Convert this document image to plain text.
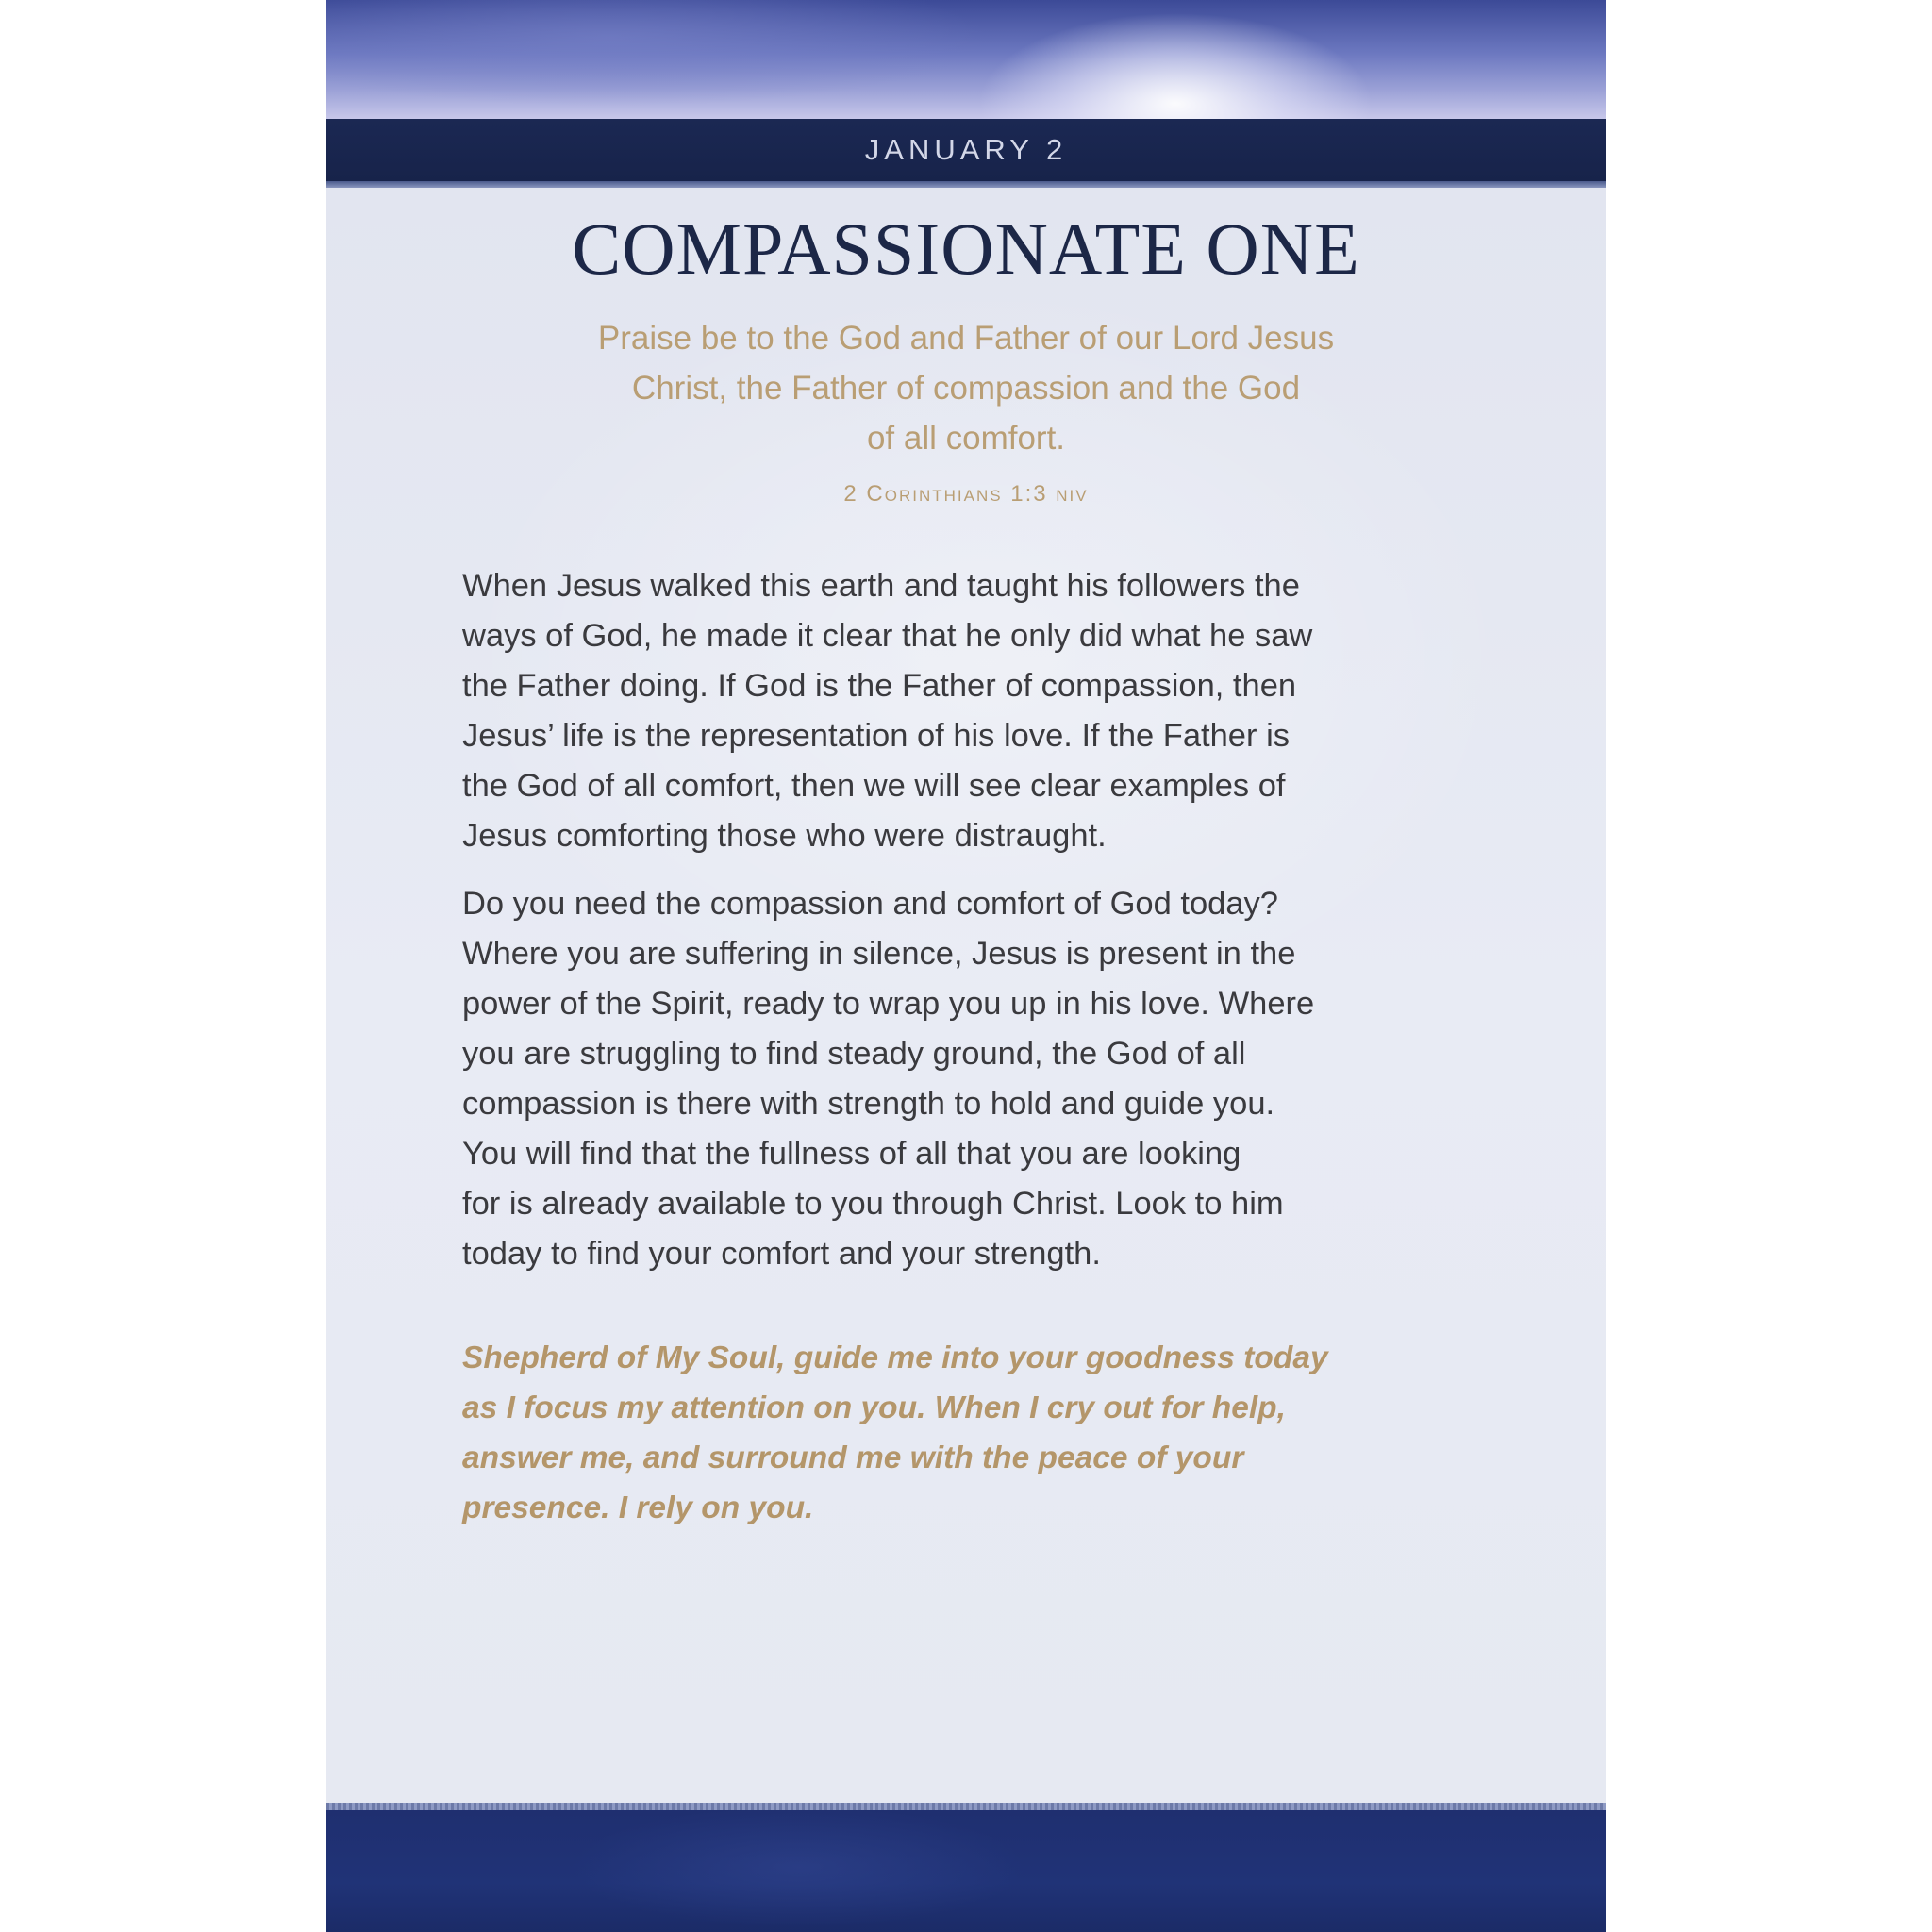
JANUARY 2
COMPASSIONATE ONE
Praise be to the God and Father of our Lord Jesus
Christ, the Father of compassion and the God
of all comfort.
2 Corinthians 1:3 niv
When Jesus walked this earth and taught his followers the
ways of God, he made it clear that he only did what he saw
the Father doing. If God is the Father of compassion, then
Jesus’ life is the representation of his love. If the Father is
the God of all comfort, then we will see clear examples of
Jesus comforting those who were distraught.
Do you need the compassion and comfort of God today?
Where you are suffering in silence, Jesus is present in the
power of the Spirit, ready to wrap you up in his love. Where
you are struggling to find steady ground, the God of all
compassion is there with strength to hold and guide you.
You will find that the fullness of all that you are looking
for is already available to you through Christ. Look to him
today to find your comfort and your strength.
Shepherd of My Soul, guide me into your goodness today
as I focus my attention on you. When I cry out for help,
answer me, and surround me with the peace of your
presence. I rely on you.
